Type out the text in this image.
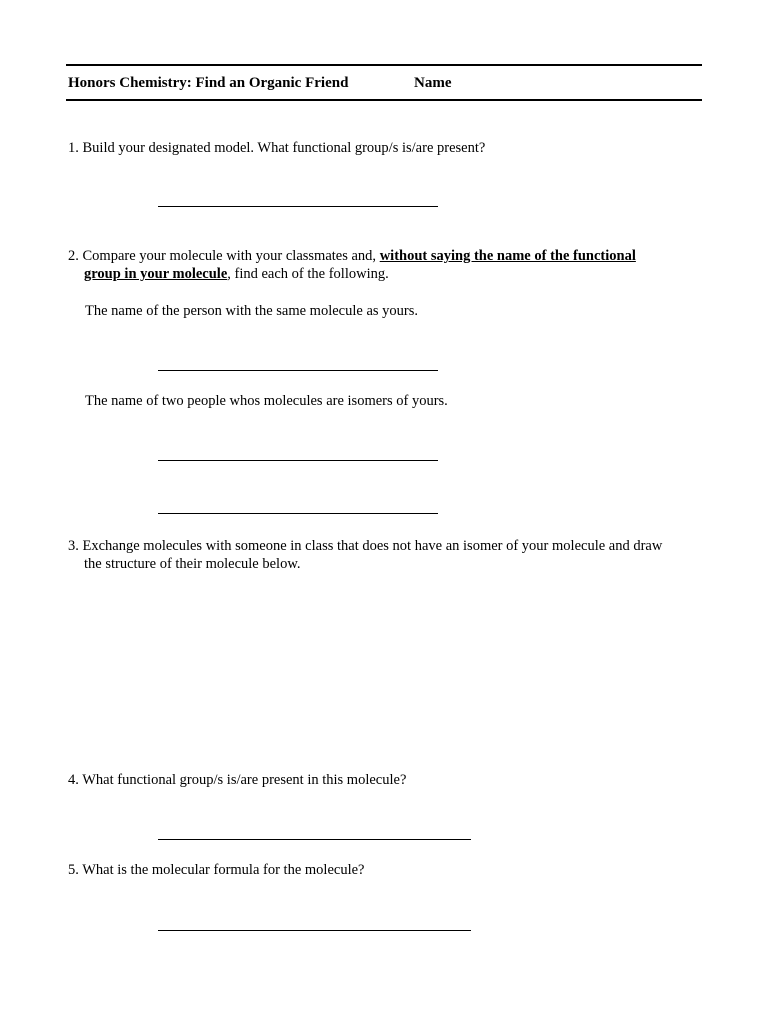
Honors Chemistry: Find an Organic Friend	Name
1. Build your designated model. What functional group/s is/are present?
2. Compare your molecule with your classmates and, without saying the name of the functional
group in your molecule, find each of the following.
The name of the person with the same molecule as yours.
The name of two people whos molecules are isomers of yours.
3. Exchange molecules with someone in class that does not have an isomer of your molecule and draw
the structure of their molecule below.
4. What functional group/s is/are present in this molecule?
5. What is the molecular formula for the molecule?
